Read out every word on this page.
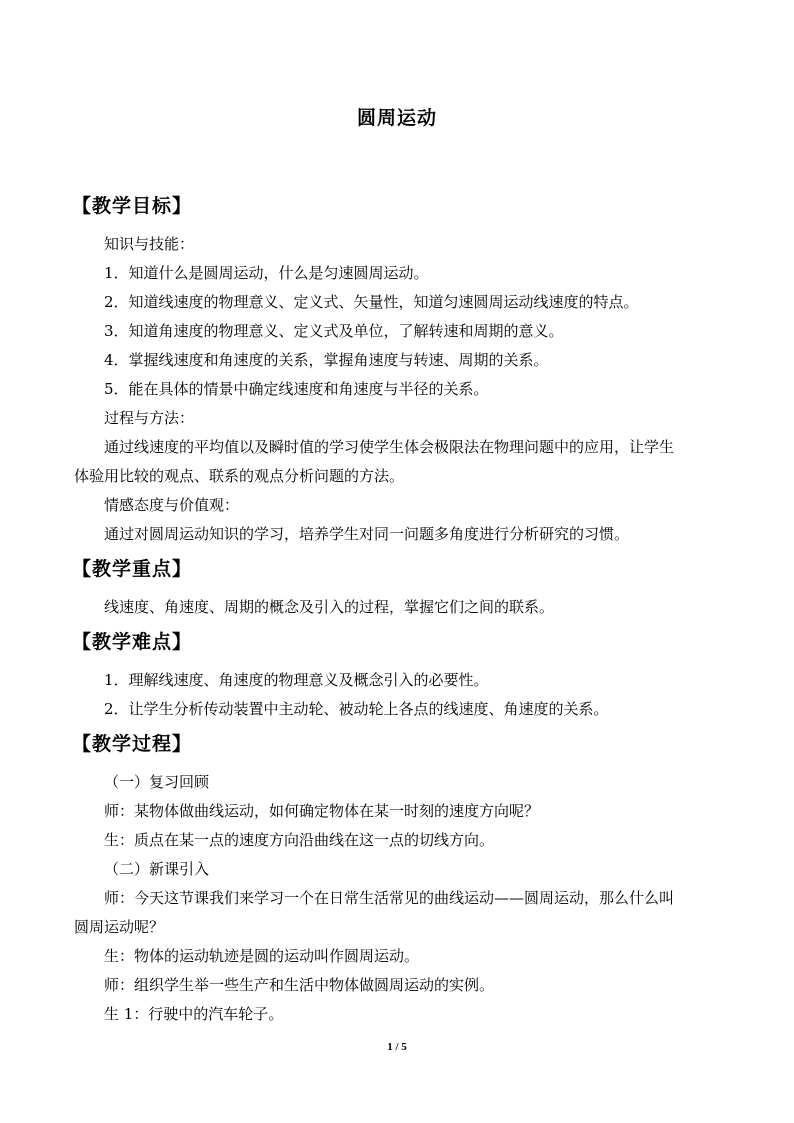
圆周运动
【教学目标】
知识与技能：
1．知道什么是圆周运动，什么是匀速圆周运动。
2．知道线速度的物理意义、定义式、矢量性，知道匀速圆周运动线速度的特点。
3．知道角速度的物理意义、定义式及单位，了解转速和周期的意义。
4．掌握线速度和角速度的关系，掌握角速度与转速、周期的关系。
5．能在具体的情景中确定线速度和角速度与半径的关系。
过程与方法：
通过线速度的平均值以及瞬时值的学习使学生体会极限法在物理问题中的应用，让学生
体验用比较的观点、联系的观点分析问题的方法。
情感态度与价值观：
通过对圆周运动知识的学习，培养学生对同一问题多角度进行分析研究的习惯。
【教学重点】
线速度、角速度、周期的概念及引入的过程，掌握它们之间的联系。
【教学难点】
1．理解线速度、角速度的物理意义及概念引入的必要性。
2．让学生分析传动装置中主动轮、被动轮上各点的线速度、角速度的关系。
【教学过程】
（一）复习回顾
师：某物体做曲线运动，如何确定物体在某一时刻的速度方向呢？
生：质点在某一点的速度方向沿曲线在这一点的切线方向。
（二）新课引入
师：今天这节课我们来学习一个在日常生活常见的曲线运动——圆周运动，那么什么叫
圆周运动呢？
生：物体的运动轨迹是圆的运动叫作圆周运动。
师：组织学生举一些生产和生活中物体做圆周运动的实例。
生 1：行驶中的汽车轮子。
1 / 5
